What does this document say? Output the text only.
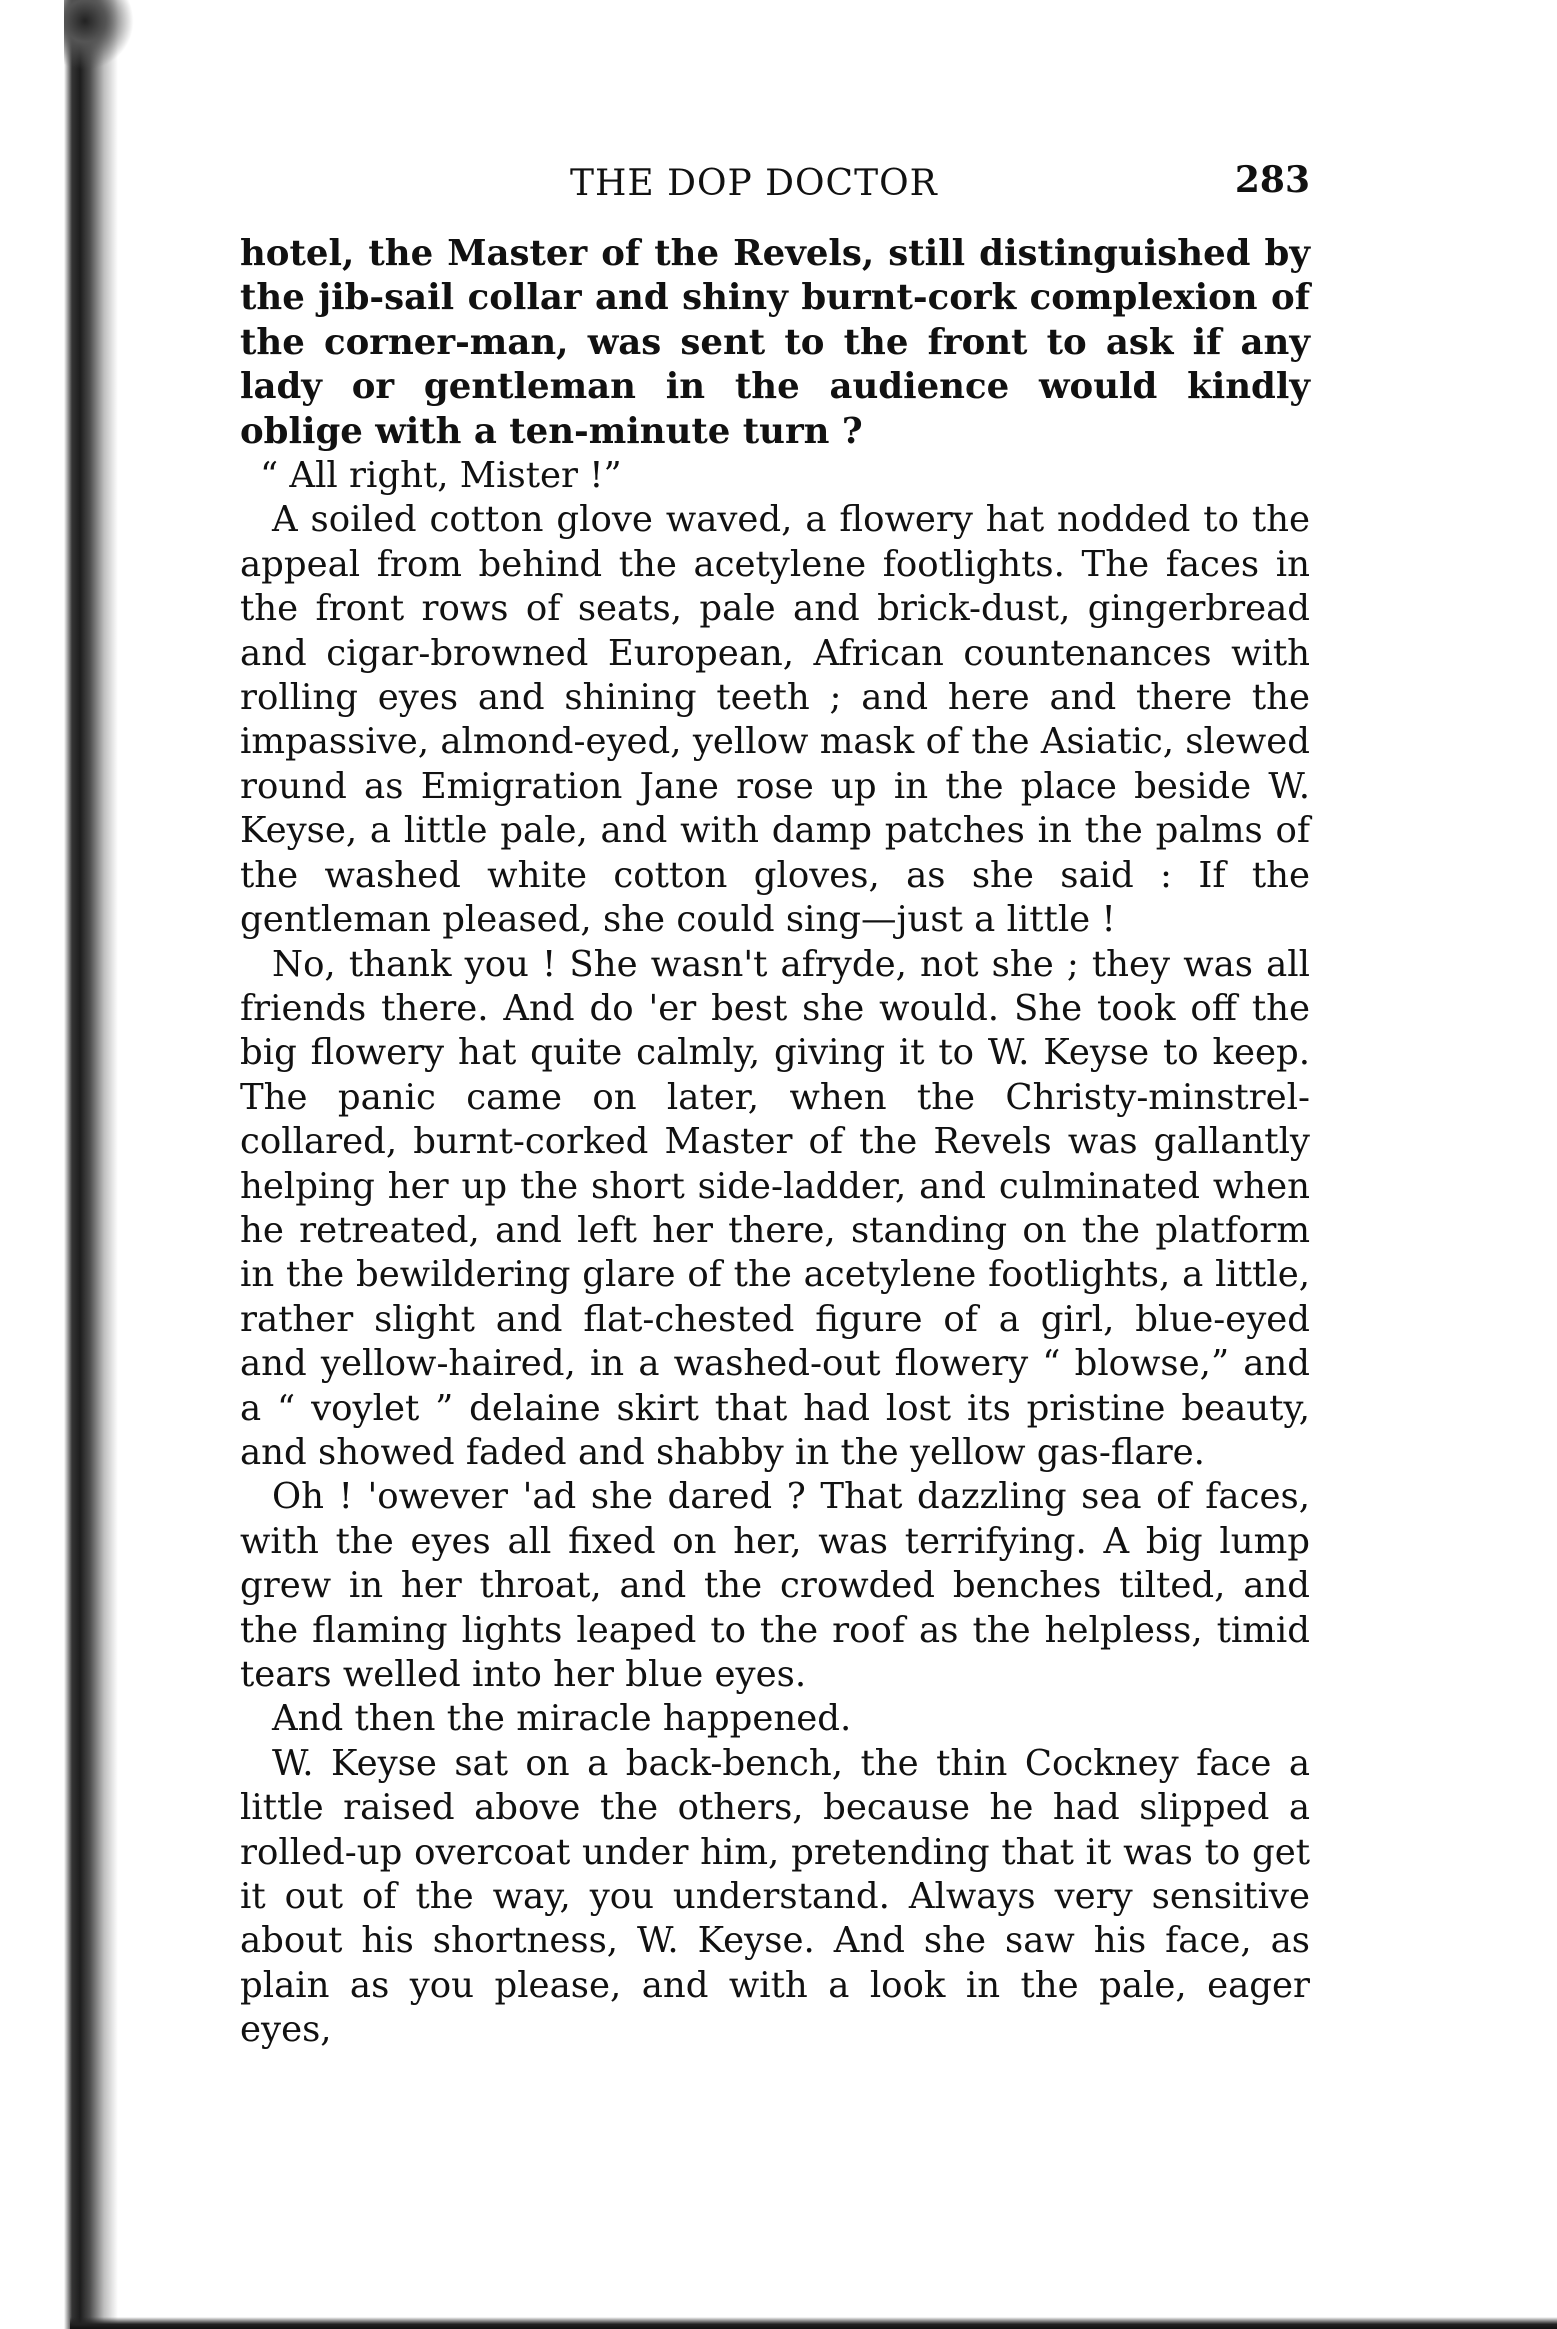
THE DOP DOCTOR	283

hotel, the Master of the Revels, still distinguished by the jib-sail collar and shiny burnt-cork complexion of the corner-man, was sent to the front to ask if any lady or gentleman in the audience would kindly oblige with a ten-minute turn ?

“ All right, Mister !”

A soiled cotton glove waved, a flowery hat nodded to the appeal from behind the acetylene footlights. The faces in the front rows of seats, pale and brick-dust, gingerbread and cigar-browned European, African countenances with rolling eyes and shining teeth ; and here and there the impassive, almond-eyed, yellow mask of the Asiatic, slewed round as Emigration Jane rose up in the place beside W. Keyse, a little pale, and with damp patches in the palms of the washed white cotton gloves, as she said : If the gentleman pleased, she could sing—just a little !

No, thank you ! She wasn't afryde, not she ; they was all friends there. And do 'er best she would. She took off the big flowery hat quite calmly, giving it to W. Keyse to keep. The panic came on later, when the Christy-minstrel-collared, burnt-corked Master of the Revels was gallantly helping her up the short side-ladder, and culminated when he retreated, and left her there, standing on the platform in the bewildering glare of the acetylene footlights, a little, rather slight and flat-chested figure of a girl, blue-eyed and yellow-haired, in a washed-out flowery “ blowse,” and a “ voylet ” delaine skirt that had lost its pristine beauty, and showed faded and shabby in the yellow gas-flare.

Oh ! 'owever 'ad she dared ? That dazzling sea of faces, with the eyes all fixed on her, was terrifying. A big lump grew in her throat, and the crowded benches tilted, and the flaming lights leaped to the roof as the helpless, timid tears welled into her blue eyes.

And then the miracle happened.

W. Keyse sat on a back-bench, the thin Cockney face a little raised above the others, because he had slipped a rolled-up overcoat under him, pretending that it was to get it out of the way, you understand. Always very sensitive about his shortness, W. Keyse. And she saw his face, as plain as you please, and with a look in the pale, eager eyes,
